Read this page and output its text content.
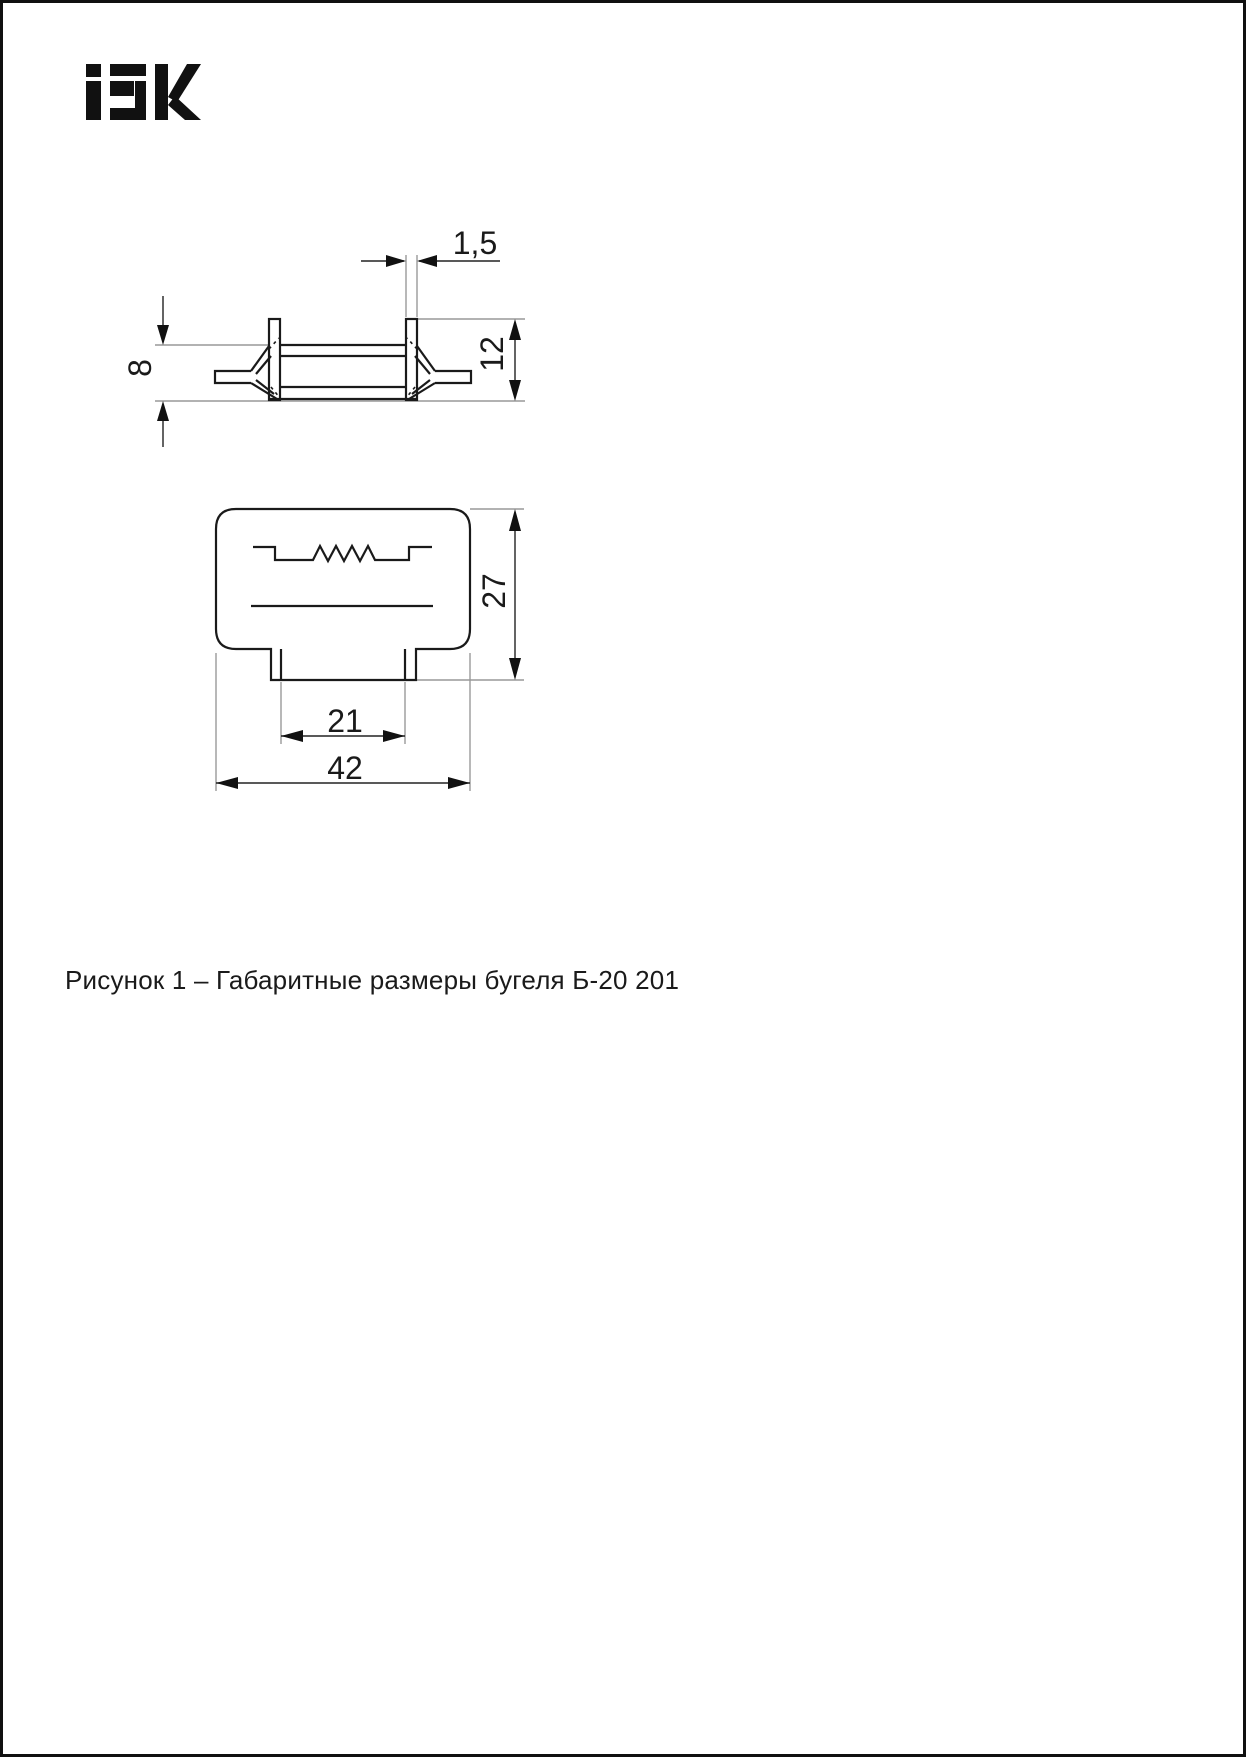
1,5
8	12
27
21
42
Рисунок 1 – Габаритные размеры бугеля Б-20 201
